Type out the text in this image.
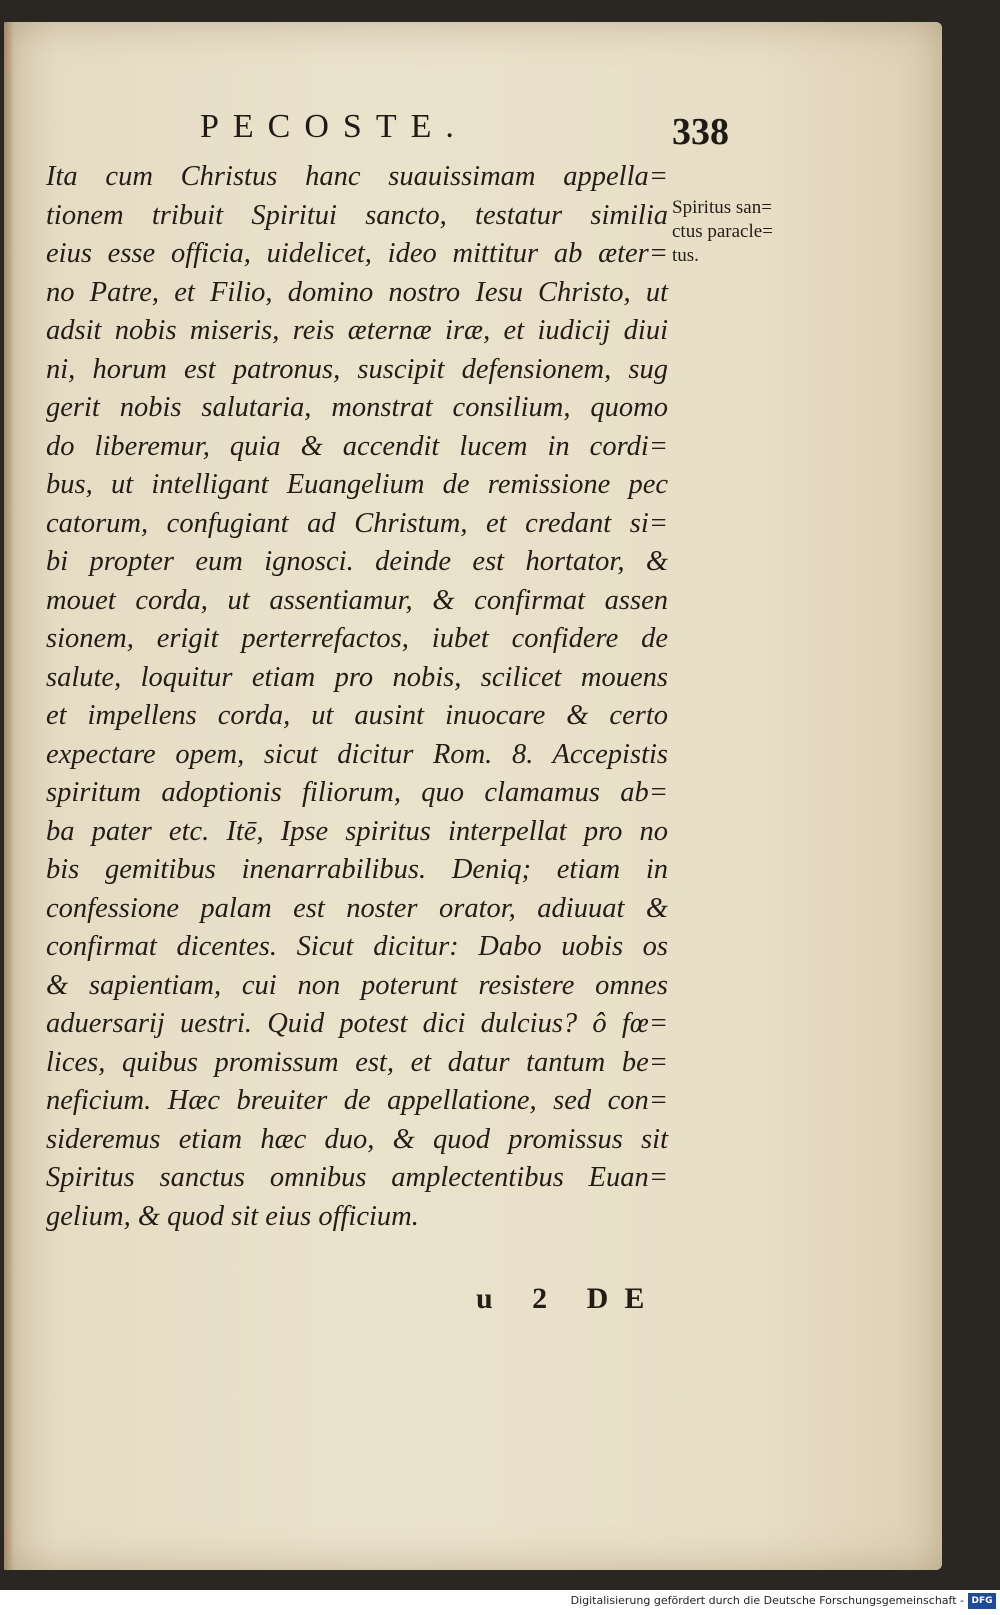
PECOSTE.	338
Ita cum Christus hanc suauissimam appella=
tionem tribuit Spiritui sancto, testatur similia
eius esse officia, uidelicet, ideo mittitur ab æter=
no Patre, et Filio, domino nostro Iesu Christo, ut
adsit nobis miseris, reis æternæ iræ, et iudicij diui
ni, horum est patronus, suscipit defensionem, sug
gerit nobis salutaria, monstrat consilium, quomo
do liberemur, quia & accendit lucem in cordi=
bus, ut intelligant Euangelium de remissione pec
catorum, confugiant ad Christum, et credant si=
bi propter eum ignosci. deinde est hortator, &
mouet corda, ut assentiamur, & confirmat assen
sionem, erigit perterrefactos, iubet confidere de
salute, loquitur etiam pro nobis, scilicet mouens
et impellens corda, ut ausint inuocare & certo
expectare opem, sicut dicitur Rom. 8. Accepistis
spiritum adoptionis filiorum, quo clamamus ab=
ba pater etc. Itē, Ipse spiritus interpellat pro no
bis gemitibus inenarrabilibus. Deniq; etiam in
confessione palam est noster orator, adiuuat &
confirmat dicentes. Sicut dicitur: Dabo uobis os
& sapientiam, cui non poterunt resistere omnes
aduersarij uestri. Quid potest dici dulcius? ô fœ=
lices, quibus promissum est, et datur tantum be=
neficium. Hæc breuiter de appellatione, sed con=
sideremus etiam hæc duo, & quod promissus sit
Spiritus sanctus omnibus amplectentibus Euan=
gelium, & quod sit eius officium.
Spiritus san=
ctus paracle=
tus.
u 2 DE
Digitalisierung gefördert durch die Deutsche Forschungsgemeinschaft - DFG
